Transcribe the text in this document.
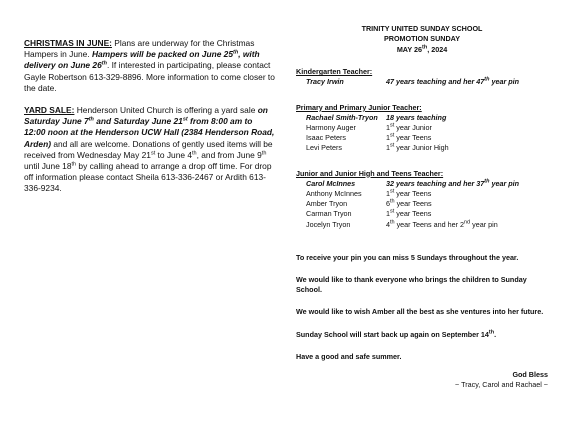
CHRISTMAS IN JUNE: Plans are underway for the Christmas Hampers in June. Hampers will be packed on June 25th, with delivery on June 26th. If interested in participating, please contact Gayle Robertson 613-329-8896. More information to come closer to the date.

YARD SALE: Henderson United Church is offering a yard sale on Saturday June 7th and Saturday June 21st from 8:00 am to 12:00 noon at the Henderson UCW Hall (2384 Henderson Road, Arden) and all are welcome. Donations of gently used items will be received from Wednesday May 21st to June 4th, and from June 9th until June 18th by calling ahead to arrange a drop off time. For drop off information please contact Sheila 613-336-2467 or Ardith 613-336-9234.

TRINITY UNITED SUNDAY SCHOOL
PROMOTION SUNDAY
MAY 26th, 2024
Kindergarten Teacher:
Tracy Irwin	47 years teaching and her 47th year pin
Primary and Primary Junior Teacher:
Rachael Smith-Tryon	18 years teaching
Harmony Auger	1st year Junior
Isaac Peters	1st year Teens
Levi Peters	1st year Junior High
Junior and Junior High and Teens Teacher:
Carol McInnes	32 years teaching and her 37th year pin
Anthony McInnes	1st year Teens
Amber Tryon	6th year Teens
Carman Tryon	1st year Teens
Jocelyn Tryon	4th year Teens and her 2nd year pin

To receive your pin you can miss 5 Sundays throughout the year.

We would like to thank everyone who brings the children to Sunday School.

We would like to wish Amber all the best as she ventures into her future.

Sunday School will start back up again on September 14th.

Have a good and safe summer.

God Bless
~ Tracy, Carol and Rachael ~
